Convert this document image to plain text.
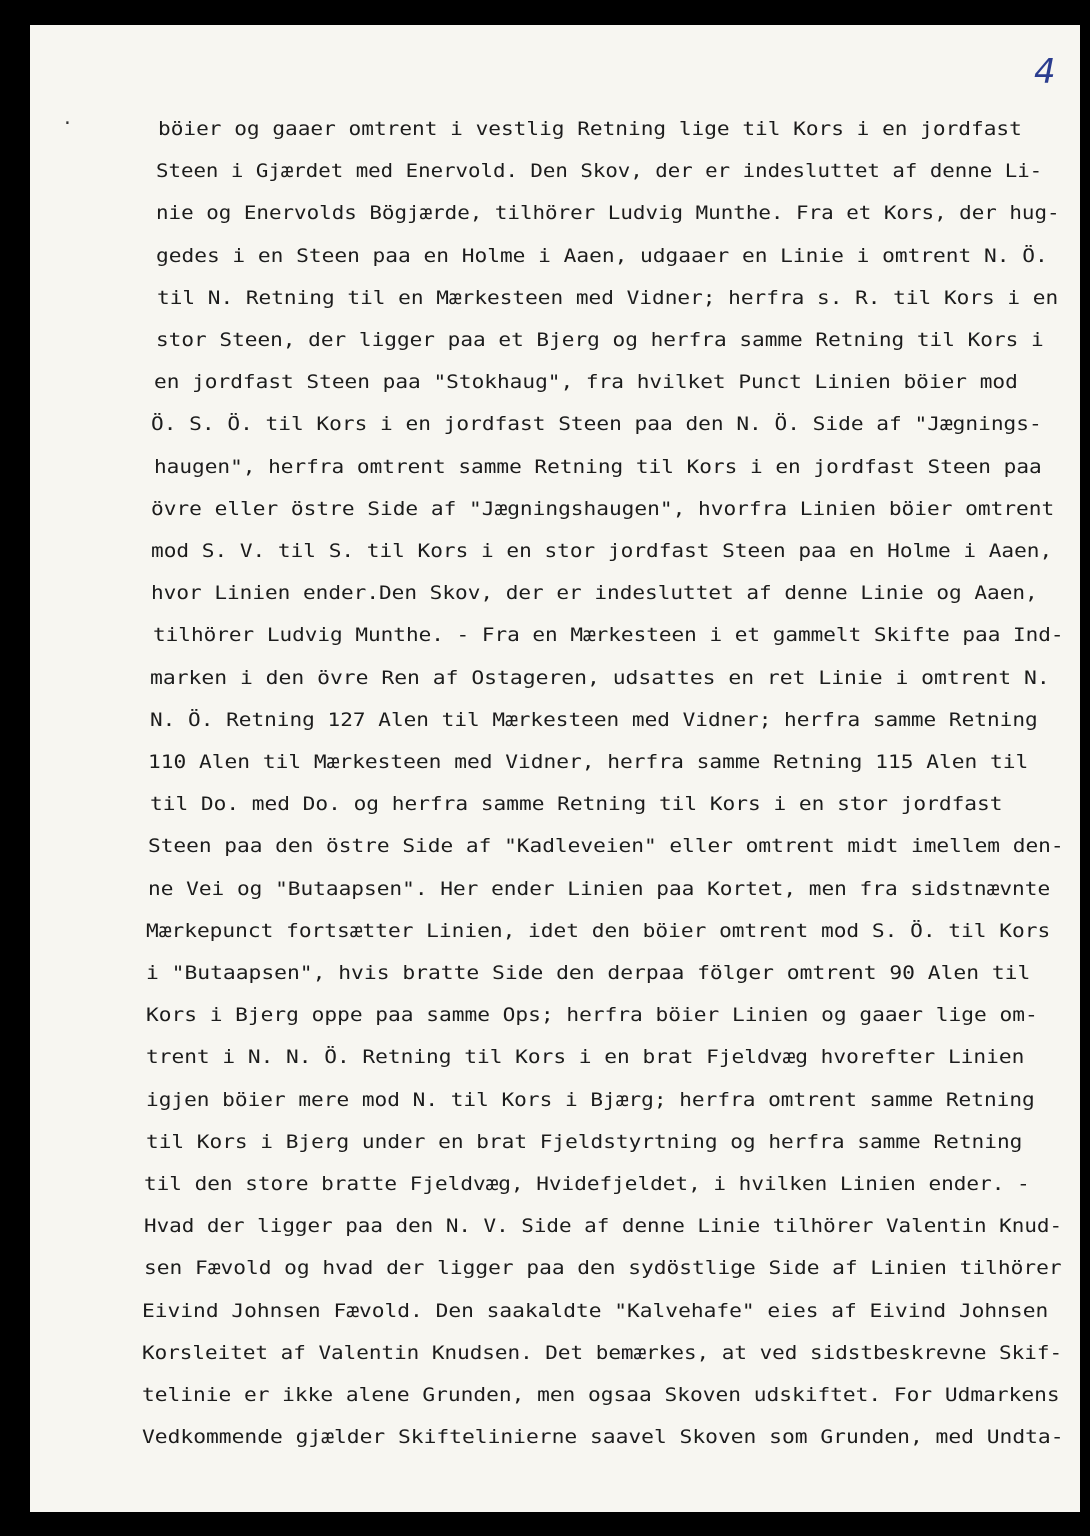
4
·	böier og gaaer omtrent i vestlig Retning lige til Kors i en jordfast
Steen i Gjærdet med Enervold. Den Skov, der er indesluttet af denne Li-
nie og Enervolds Bögjærde, tilhörer Ludvig Munthe. Fra et Kors, der hug-
gedes i en Steen paa en Holme i Aaen, udgaaer en Linie i omtrent N. Ö.
til N. Retning til en Mærkesteen med Vidner; herfra s. R. til Kors i en
stor Steen, der ligger paa et Bjerg og herfra samme Retning til Kors i
en jordfast Steen paa "Stokhaug", fra hvilket Punct Linien böier mod
Ö. S. Ö. til Kors i en jordfast Steen paa den N. Ö. Side af "Jægnings-
haugen", herfra omtrent samme Retning til Kors i en jordfast Steen paa
övre eller östre Side af "Jægningshaugen", hvorfra Linien böier omtrent
mod S. V. til S. til Kors i en stor jordfast Steen paa en Holme i Aaen,
hvor Linien ender.Den Skov, der er indesluttet af denne Linie og Aaen,
tilhörer Ludvig Munthe. - Fra en Mærkesteen i et gammelt Skifte paa Ind-
marken i den övre Ren af Ostageren, udsattes en ret Linie i omtrent N.
N. Ö. Retning 127 Alen til Mærkesteen med Vidner; herfra samme Retning
110 Alen til Mærkesteen med Vidner, herfra samme Retning 115 Alen til
til Do. med Do. og herfra samme Retning til Kors i en stor jordfast
Steen paa den östre Side af "Kadleveien" eller omtrent midt imellem den-
ne Vei og "Butaapsen". Her ender Linien paa Kortet, men fra sidstnævnte
Mærkepunct fortsætter Linien, idet den böier omtrent mod S. Ö. til Kors
i "Butaapsen", hvis bratte Side den derpaa fölger omtrent 90 Alen til
Kors i Bjerg oppe paa samme Ops; herfra böier Linien og gaaer lige om-
trent i N. N. Ö. Retning til Kors i en brat Fjeldvæg hvorefter Linien
igjen böier mere mod N. til Kors i Bjærg; herfra omtrent samme Retning
til Kors i Bjerg under en brat Fjeldstyrtning og herfra samme Retning
til den store bratte Fjeldvæg, Hvidefjeldet, i hvilken Linien ender. -
Hvad der ligger paa den N. V. Side af denne Linie tilhörer Valentin Knud-
sen Fævold og hvad der ligger paa den sydöstlige Side af Linien tilhörer
Eivind Johnsen Fævold. Den saakaldte "Kalvehafe" eies af Eivind Johnsen
Korsleitet af Valentin Knudsen. Det bemærkes, at ved sidstbeskrevne Skif-
telinie er ikke alene Grunden, men ogsaa Skoven udskiftet. For Udmarkens
Vedkommende gjælder Skiftelinierne saavel Skoven som Grunden, med Undta-
